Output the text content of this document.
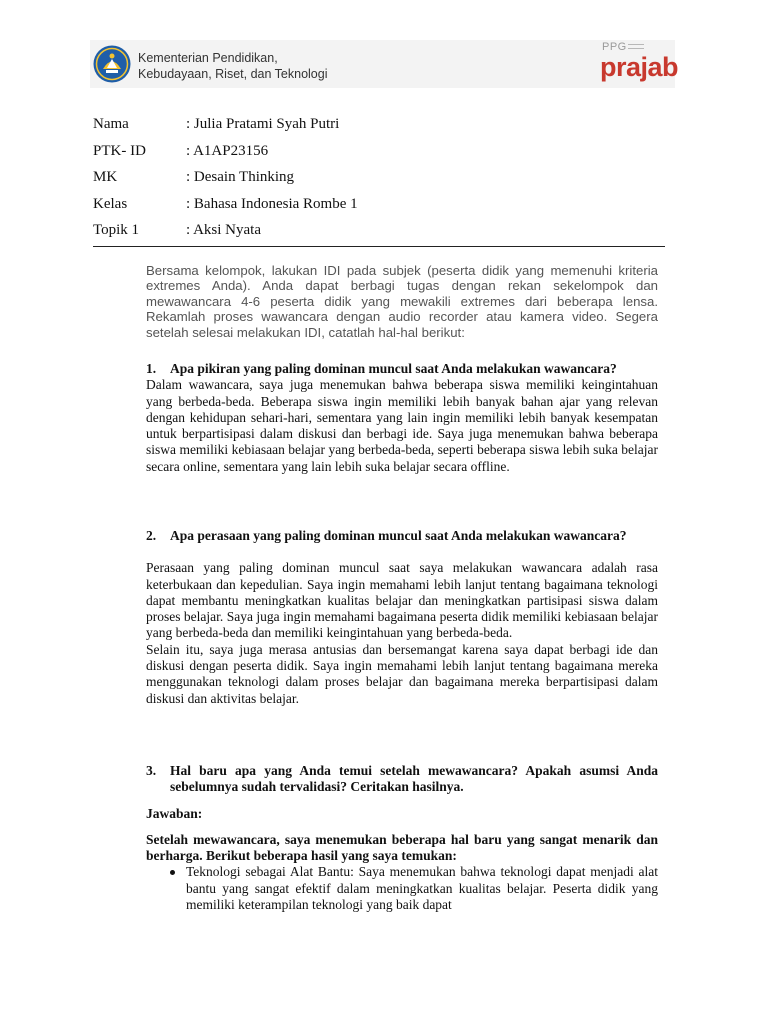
Kementerian Pendidikan,
Kebudayaan, Riset, dan Teknologi
PPG
prajab
Nama	: Julia Pratami Syah Putri
PTK- ID	: A1AP23156
MK	: Desain Thinking
Kelas	: Bahasa Indonesia Rombe 1
Topik 1	: Aksi Nyata

Bersama kelompok, lakukan IDI pada subjek (peserta didik yang memenuhi kriteria extremes Anda). Anda dapat berbagi tugas dengan rekan sekelompok dan mewawancara 4-6 peserta didik yang mewakili extremes dari beberapa lensa. Rekamlah proses wawancara dengan audio recorder atau kamera video. Segera setelah selesai melakukan IDI, catatlah hal-hal berikut:

1. Apa pikiran yang paling dominan muncul saat Anda melakukan wawancara?

Dalam wawancara, saya juga menemukan bahwa beberapa siswa memiliki keingintahuan yang berbeda-beda. Beberapa siswa ingin memiliki lebih banyak bahan ajar yang relevan dengan kehidupan sehari-hari, sementara yang lain ingin memiliki lebih banyak kesempatan untuk berpartisipasi dalam diskusi dan berbagi ide. Saya juga menemukan bahwa beberapa siswa memiliki kebiasaan belajar yang berbeda-beda, seperti beberapa siswa lebih suka belajar secara online, sementara yang lain lebih suka belajar secara offline.

2. Apa perasaan yang paling dominan muncul saat Anda melakukan wawancara?

Perasaan yang paling dominan muncul saat saya melakukan wawancara adalah rasa keterbukaan dan kepedulian. Saya ingin memahami lebih lanjut tentang bagaimana teknologi dapat membantu meningkatkan kualitas belajar dan meningkatkan partisipasi siswa dalam proses belajar. Saya juga ingin memahami bagaimana peserta didik memiliki kebiasaan belajar yang berbeda-beda dan memiliki keingintahuan yang berbeda-beda.

Selain itu, saya juga merasa antusias dan bersemangat karena saya dapat berbagi ide dan diskusi dengan peserta didik. Saya ingin memahami lebih lanjut tentang bagaimana mereka menggunakan teknologi dalam proses belajar dan bagaimana mereka berpartisipasi dalam diskusi dan aktivitas belajar.

3. Hal baru apa yang Anda temui setelah mewawancara? Apakah asumsi Anda sebelumnya sudah tervalidasi? Ceritakan hasilnya.

Jawaban:

Setelah mewawancara, saya menemukan beberapa hal baru yang sangat menarik dan berharga. Berikut beberapa hasil yang saya temukan:

Teknologi sebagai Alat Bantu: Saya menemukan bahwa teknologi dapat menjadi alat bantu yang sangat efektif dalam meningkatkan kualitas belajar. Peserta didik yang memiliki keterampilan teknologi yang baik dapat
